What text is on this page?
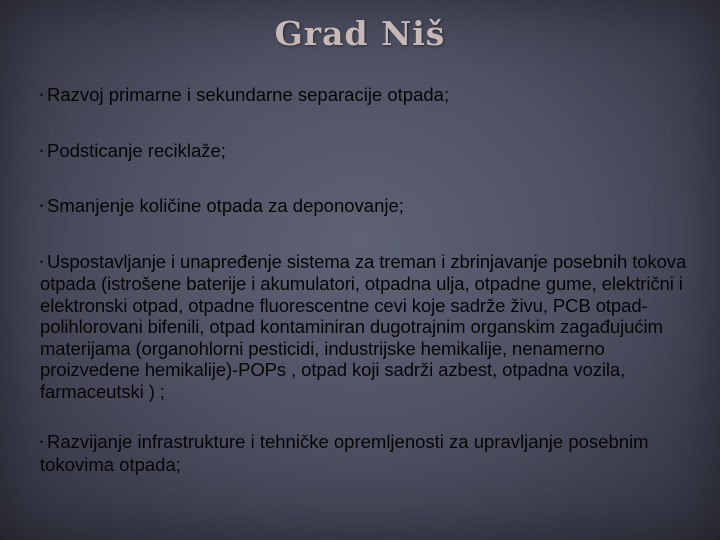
Grad Niš
• Razvoj primarne i sekundarne separacije otpada;
• Podsticanje reciklaže;
• Smanjenje količine otpada za deponovanje;
• Uspostavljanje i unapređenje sistema za treman i zbrinjavanje posebnih tokova otpada (istrošene baterije i akumulatori, otpadna ulja, otpadne gume, električni i elektronski otpad, otpadne fluorescentne cevi koje sadrže živu, PCB otpad-polihlorovani bifenili, otpad kontaminiran dugotrajnim organskim zagađujućim materijama (organohlorni pesticidi, industrijske hemikalije, nenamerno proizvedene hemikalije)-POPs , otpad koji sadrži azbest, otpadna vozila, farmaceutski ) ;
• Razvijanje infrastrukture i tehničke opremljenosti za upravljanje posebnim tokovima otpada;
